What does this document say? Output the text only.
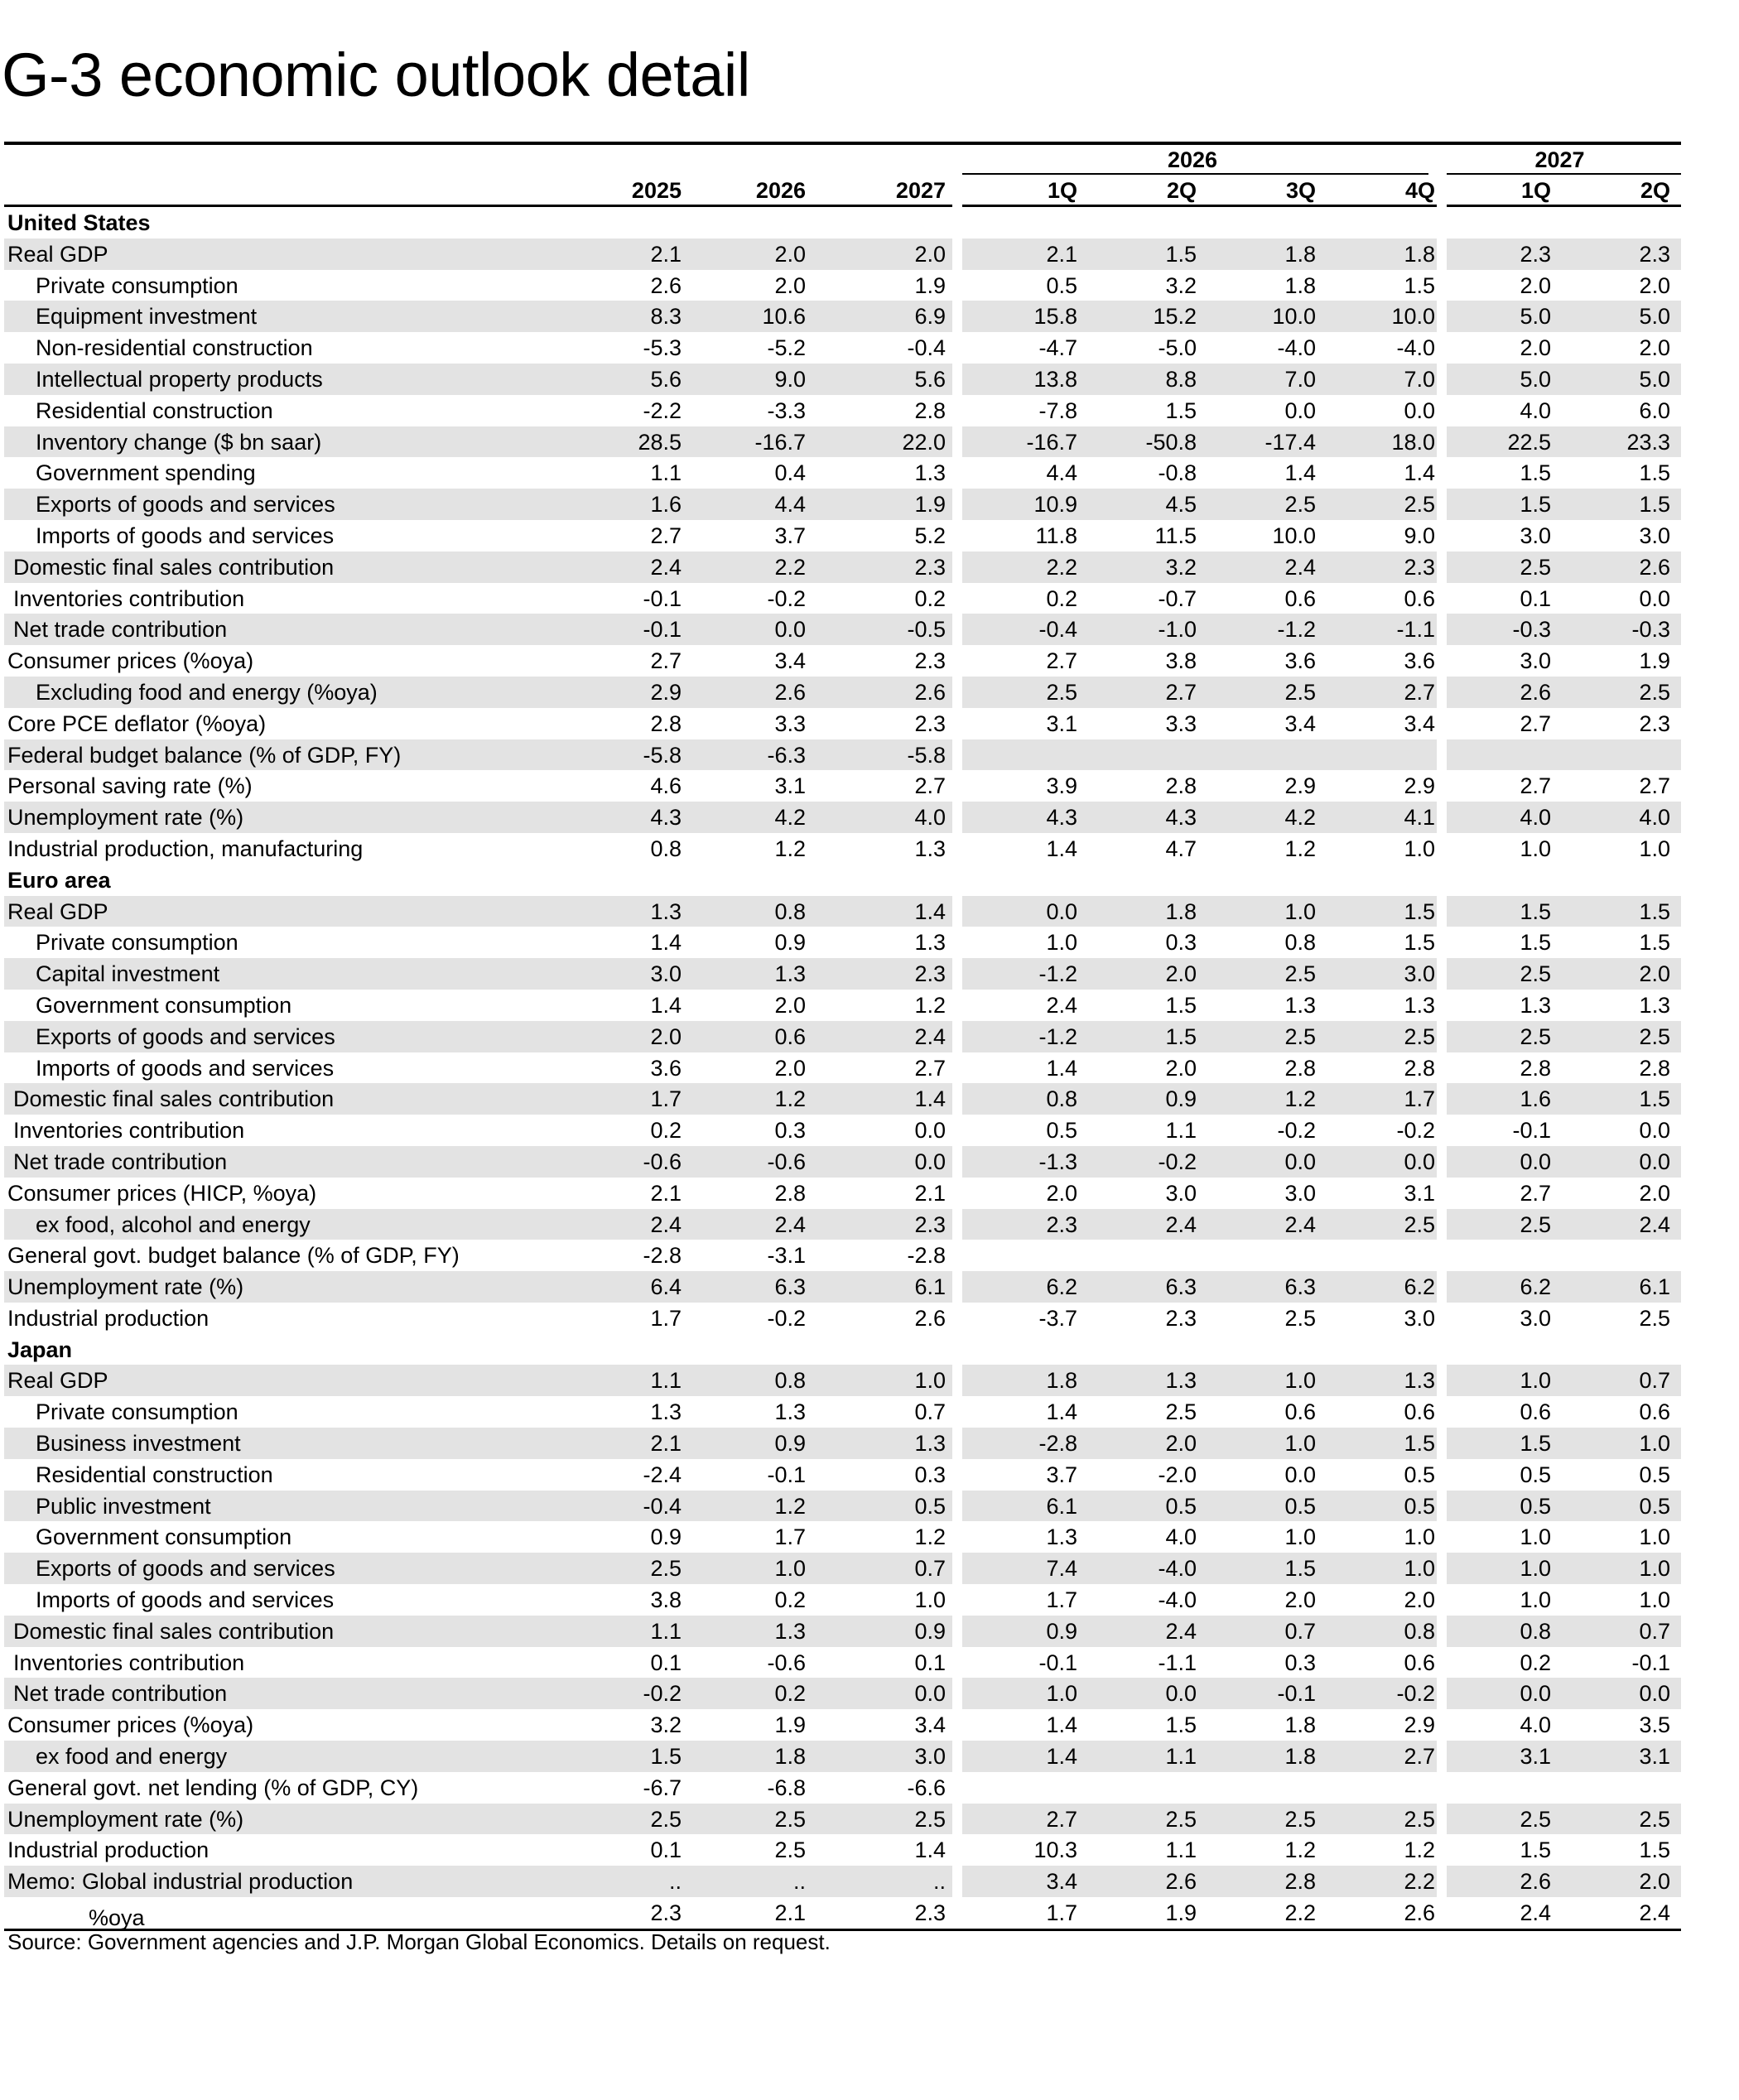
G-3 economic outlook detail
2026	2027
2025	2026	2027	1Q	2Q	3Q	4Q	1Q	2Q
United States
Real GDP	2.1	2.0	2.0	2.1	1.5	1.8	1.8	2.3	2.3
Private consumption	2.6	2.0	1.9	0.5	3.2	1.8	1.5	2.0	2.0
Equipment investment	8.3	10.6	6.9	15.8	15.2	10.0	10.0	5.0	5.0
Non-residential construction	-5.3	-5.2	-0.4	-4.7	-5.0	-4.0	-4.0	2.0	2.0
Intellectual property products	5.6	9.0	5.6	13.8	8.8	7.0	7.0	5.0	5.0
Residential construction	-2.2	-3.3	2.8	-7.8	1.5	0.0	0.0	4.0	6.0
Inventory change ($ bn saar)	28.5	-16.7	22.0	-16.7	-50.8	-17.4	18.0	22.5	23.3
Government spending	1.1	0.4	1.3	4.4	-0.8	1.4	1.4	1.5	1.5
Exports of goods and services	1.6	4.4	1.9	10.9	4.5	2.5	2.5	1.5	1.5
Imports of goods and services	2.7	3.7	5.2	11.8	11.5	10.0	9.0	3.0	3.0
Domestic final sales contribution	2.4	2.2	2.3	2.2	3.2	2.4	2.3	2.5	2.6
Inventories contribution	-0.1	-0.2	0.2	0.2	-0.7	0.6	0.6	0.1	0.0
Net trade contribution	-0.1	0.0	-0.5	-0.4	-1.0	-1.2	-1.1	-0.3	-0.3
Consumer prices (%oya)	2.7	3.4	2.3	2.7	3.8	3.6	3.6	3.0	1.9
Excluding food and energy (%oya)	2.9	2.6	2.6	2.5	2.7	2.5	2.7	2.6	2.5
Core PCE deflator (%oya)	2.8	3.3	2.3	3.1	3.3	3.4	3.4	2.7	2.3
Federal budget balance (% of GDP, FY)	-5.8	-6.3	-5.8
Personal saving rate (%)	4.6	3.1	2.7	3.9	2.8	2.9	2.9	2.7	2.7
Unemployment rate (%)	4.3	4.2	4.0	4.3	4.3	4.2	4.1	4.0	4.0
Industrial production, manufacturing	0.8	1.2	1.3	1.4	4.7	1.2	1.0	1.0	1.0
Euro area
Real GDP	1.3	0.8	1.4	0.0	1.8	1.0	1.5	1.5	1.5
Private consumption	1.4	0.9	1.3	1.0	0.3	0.8	1.5	1.5	1.5
Capital investment	3.0	1.3	2.3	-1.2	2.0	2.5	3.0	2.5	2.0
Government consumption	1.4	2.0	1.2	2.4	1.5	1.3	1.3	1.3	1.3
Exports of goods and services	2.0	0.6	2.4	-1.2	1.5	2.5	2.5	2.5	2.5
Imports of goods and services	3.6	2.0	2.7	1.4	2.0	2.8	2.8	2.8	2.8
Domestic final sales contribution	1.7	1.2	1.4	0.8	0.9	1.2	1.7	1.6	1.5
Inventories contribution	0.2	0.3	0.0	0.5	1.1	-0.2	-0.2	-0.1	0.0
Net trade contribution	-0.6	-0.6	0.0	-1.3	-0.2	0.0	0.0	0.0	0.0
Consumer prices (HICP, %oya)	2.1	2.8	2.1	2.0	3.0	3.0	3.1	2.7	2.0
ex food, alcohol and energy	2.4	2.4	2.3	2.3	2.4	2.4	2.5	2.5	2.4
General govt. budget balance (% of GDP, FY)	-2.8	-3.1	-2.8
Unemployment rate (%)	6.4	6.3	6.1	6.2	6.3	6.3	6.2	6.2	6.1
Industrial production	1.7	-0.2	2.6	-3.7	2.3	2.5	3.0	3.0	2.5
Japan
Real GDP	1.1	0.8	1.0	1.8	1.3	1.0	1.3	1.0	0.7
Private consumption	1.3	1.3	0.7	1.4	2.5	0.6	0.6	0.6	0.6
Business investment	2.1	0.9	1.3	-2.8	2.0	1.0	1.5	1.5	1.0
Residential construction	-2.4	-0.1	0.3	3.7	-2.0	0.0	0.5	0.5	0.5
Public investment	-0.4	1.2	0.5	6.1	0.5	0.5	0.5	0.5	0.5
Government consumption	0.9	1.7	1.2	1.3	4.0	1.0	1.0	1.0	1.0
Exports of goods and services	2.5	1.0	0.7	7.4	-4.0	1.5	1.0	1.0	1.0
Imports of goods and services	3.8	0.2	1.0	1.7	-4.0	2.0	2.0	1.0	1.0
Domestic final sales contribution	1.1	1.3	0.9	0.9	2.4	0.7	0.8	0.8	0.7
Inventories contribution	0.1	-0.6	0.1	-0.1	-1.1	0.3	0.6	0.2	-0.1
Net trade contribution	-0.2	0.2	0.0	1.0	0.0	-0.1	-0.2	0.0	0.0
Consumer prices (%oya)	3.2	1.9	3.4	1.4	1.5	1.8	2.9	4.0	3.5
ex food and energy	1.5	1.8	3.0	1.4	1.1	1.8	2.7	3.1	3.1
General govt. net lending (% of GDP, CY)	-6.7	-6.8	-6.6
Unemployment rate (%)	2.5	2.5	2.5	2.7	2.5	2.5	2.5	2.5	2.5
Industrial production	0.1	2.5	1.4	10.3	1.1	1.2	1.2	1.5	1.5
Memo: Global industrial production	..	..	..	3.4	2.6	2.8	2.2	2.6	2.0
%oya	2.3	2.1	2.3	1.7	1.9	2.2	2.6	2.4	2.4
Source: Government agencies and J.P. Morgan Global Economics. Details on request.
